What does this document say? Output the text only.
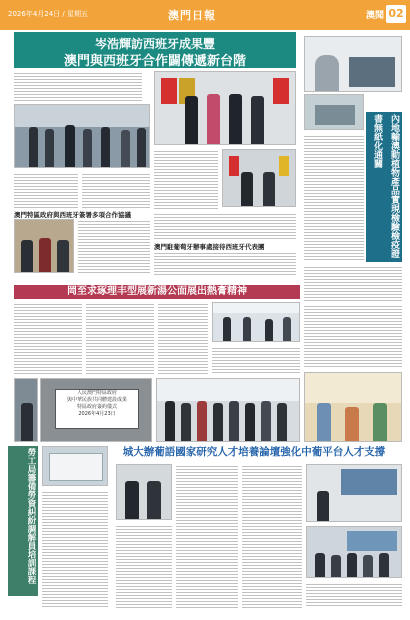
2026年4月24日 / 星期五	澳門日報	澳聞 02
岑浩輝訪西班牙成果豐
澳門與西班牙合作闢傳遞新台階
澳門特區政府與西班牙簽署多項合作協議
澳門駐葡萄牙辦事處接待西班牙代表團	內地輸澳動植物產品實現檢驗檢疫證書無紙化通關
岡至求琢理丰型展新湯公面展出熱膏精神
人民澳門特區政府
與中華民族共同體建設成果
特區政府簽約儀式
2026年4月23日
勞工局籌備勞資糾紛調解員培訓課程	城大辦葡語國家研究人才培養論壇強化中葡平台人才支撐
